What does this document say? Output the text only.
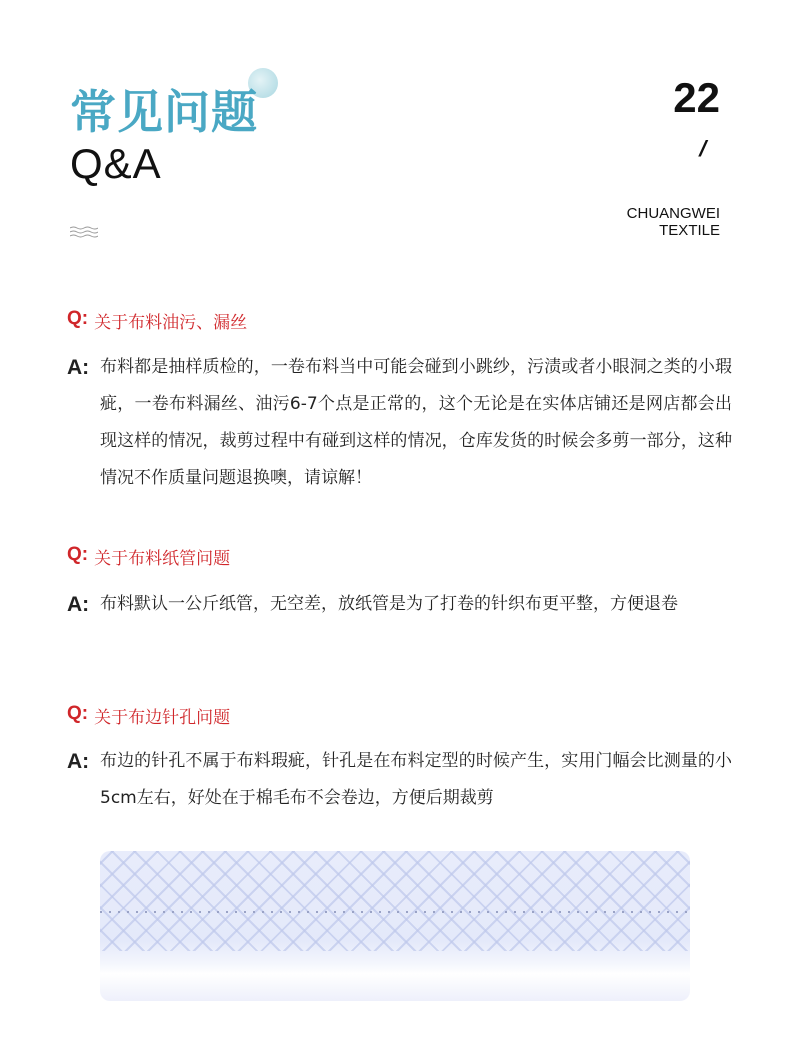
常见问题
Q&A
22
/
CHUANGWEI
TEXTILE
Q: 关于布料油污、漏丝
A: 布料都是抽样质检的，一卷布料当中可能会碰到小跳纱，污渍或者小眼洞之类的小瑕疵，一卷布料漏丝、油污6-7个点是正常的，这个无论是在实体店铺还是网店都会出现这样的情况，裁剪过程中有碰到这样的情况，仓库发货的时候会多剪一部分，这种情况不作质量问题退换噢，请谅解！
Q: 关于布料纸管问题
A: 布料默认一公斤纸管，无空差，放纸管是为了打卷的针织布更平整，方便退卷
Q: 关于布边针孔问题
A: 布边的针孔不属于布料瑕疵，针孔是在布料定型的时候产生，实用门幅会比测量的小5cm左右，好处在于棉毛布不会卷边，方便后期裁剪
